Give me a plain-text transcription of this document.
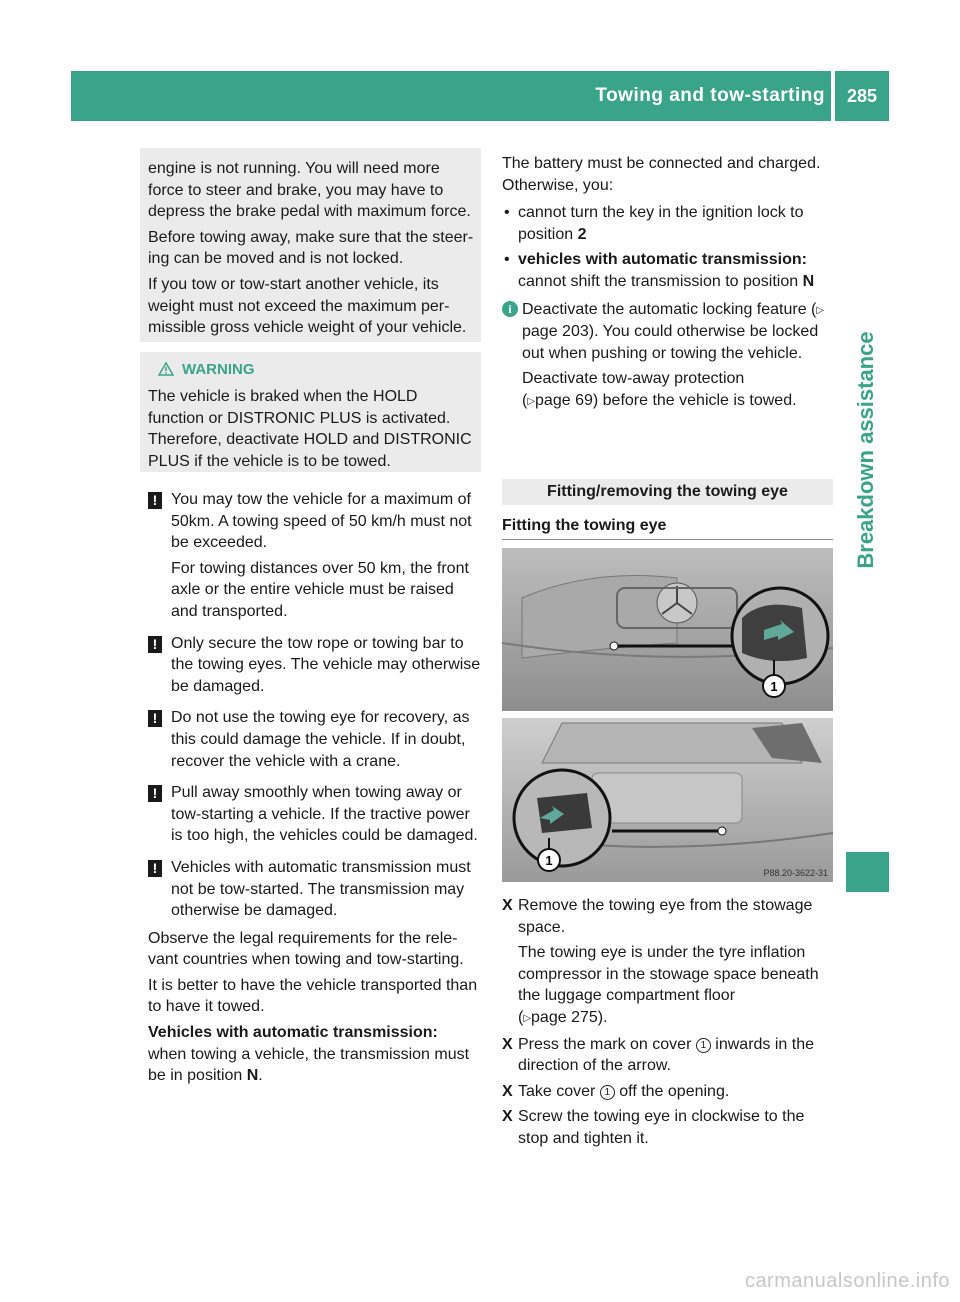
Towing and tow-starting	285
Breakdown assistance

engine is not running. You will need more force to steer and brake, you may have to depress the brake pedal with maximum force.

Before towing away, make sure that the steer-ing can be moved and is not locked.

If you tow or tow-start another vehicle, its weight must not exceed the maximum per-missible gross vehicle weight of your vehicle.

WARNING

The vehicle is braked when the HOLD function or DISTRONIC PLUS is activated. Therefore, deactivate HOLD and DISTRONIC PLUS if the vehicle is to be towed.

! You may tow the vehicle for a maximum of 50km. A towing speed of 50 km/h must not be exceeded.

For towing distances over 50 km, the front axle or the entire vehicle must be raised and transported.

! Only secure the tow rope or towing bar to the towing eyes. The vehicle may otherwise be damaged.

! Do not use the towing eye for recovery, as this could damage the vehicle. If in doubt, recover the vehicle with a crane.

! Pull away smoothly when towing away or tow-starting a vehicle. If the tractive power is too high, the vehicles could be damaged.

! Vehicles with automatic transmission must not be tow-started. The transmission may otherwise be damaged.

Observe the legal requirements for the rele-vant countries when towing and tow-starting.

It is better to have the vehicle transported than to have it towed.

Vehicles with automatic transmission:

when towing a vehicle, the transmission must be in position N.

The battery must be connected and charged. Otherwise, you:

• cannot turn the key in the ignition lock to position 2
• vehicles with automatic transmission:
cannot shift the transmission to position N
i Deactivate the automatic locking feature (▷page 203). You could otherwise be locked out when pushing or towing the vehicle.
Deactivate tow-away protection
(▷page 69) before the vehicle is towed.
Fitting/removing the towing eye
Fitting the towing eye
1
1
P88.20-3622-31
X Remove the towing eye from the stowage space.
The towing eye is under the tyre inflation compressor in the stowage space beneath the luggage compartment floor
(▷page 275).
X Press the mark on cover 1 inwards in the direction of the arrow.
X Take cover 1 off the opening.
X Screw the towing eye in clockwise to the stop and tighten it.
carmanualsonline.info
